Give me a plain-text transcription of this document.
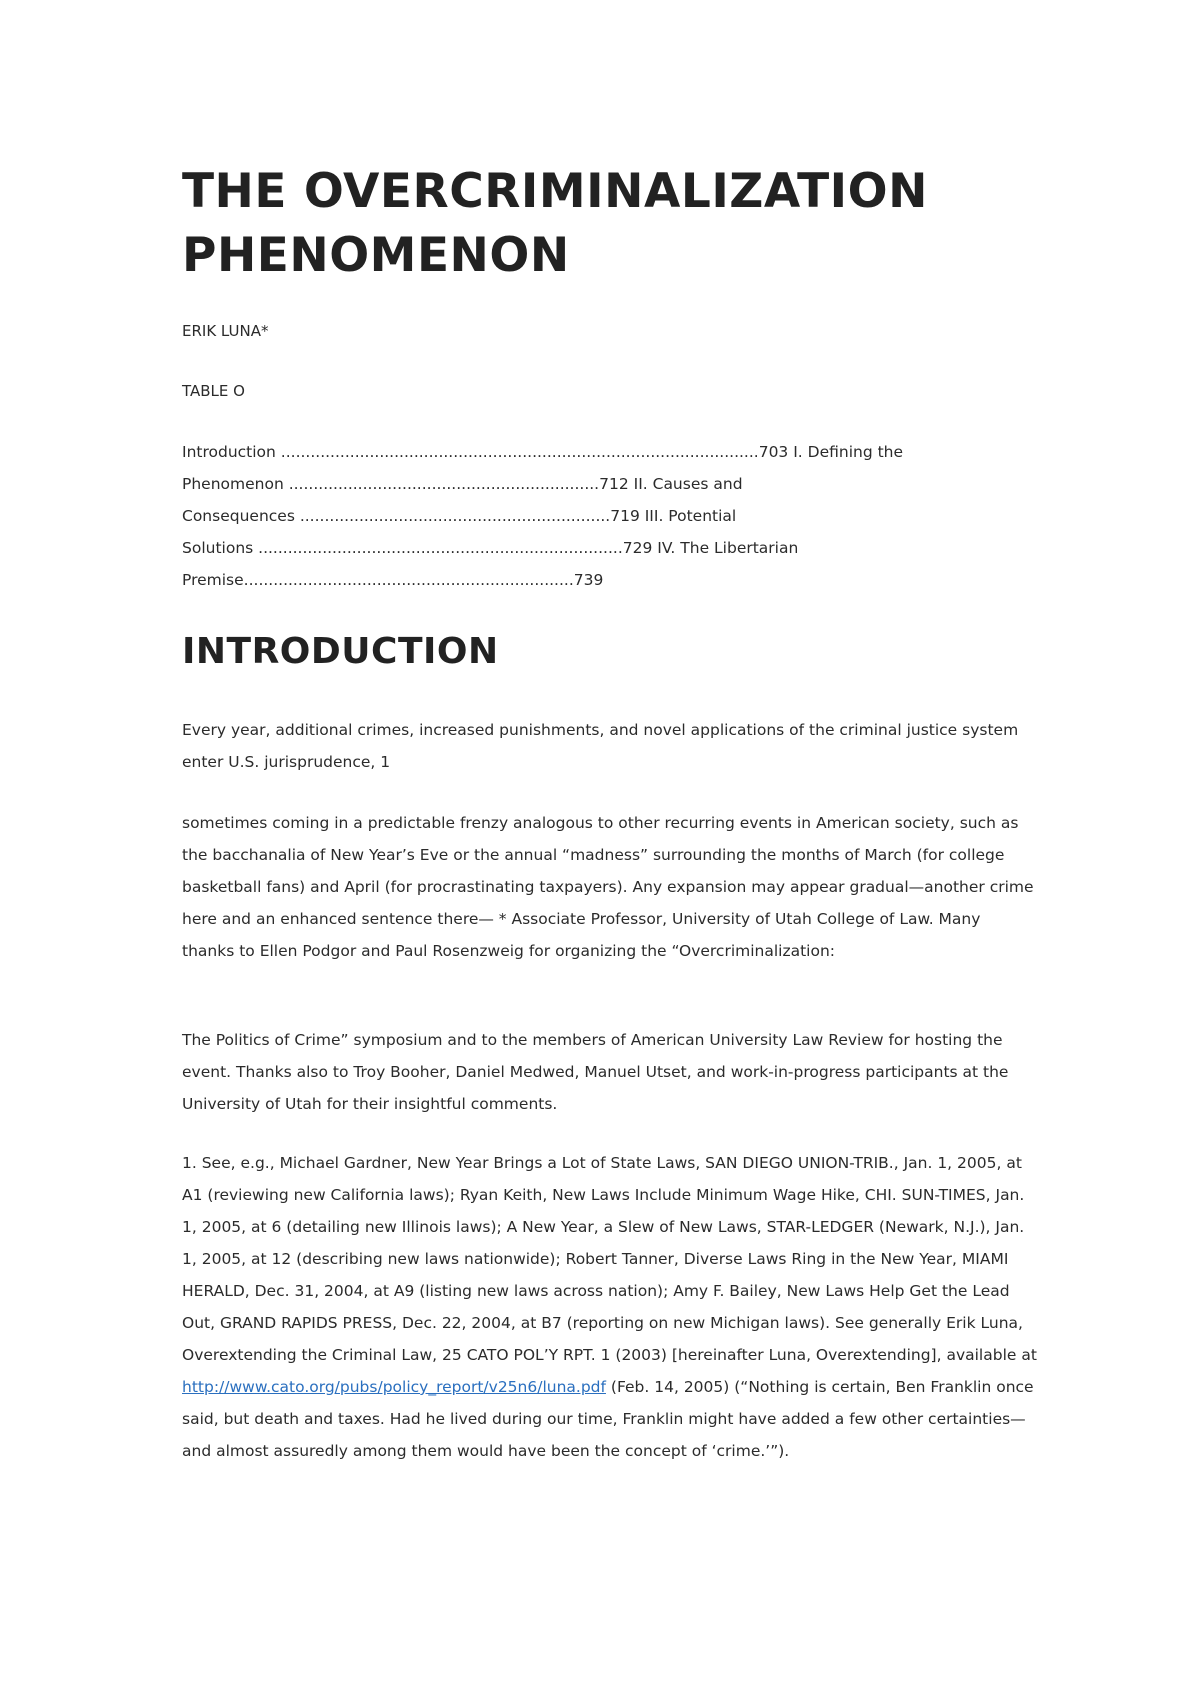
THE OVERCRIMINALIZATION PHENOMENON

ERIK LUNA*

TABLE O

Introduction .................................................................................................703 I. Defining the
Phenomenon ...............................................................712 II. Causes and
Consequences ...............................................................719 III. Potential
Solutions ..........................................................................729 IV. The Libertarian
Premise...................................................................739
INTRODUCTION

Every year, additional crimes, increased punishments, and novel applications of the criminal justice system enter U.S. jurisprudence, 1

sometimes coming in a predictable frenzy analogous to other recurring events in American society, such as the bacchanalia of New Year’s Eve or the annual “madness” surrounding the months of March (for college basketball fans) and April (for procrastinating taxpayers). Any expansion may appear gradual—another crime here and an enhanced sentence there— * Associate Professor, University of Utah College of Law. Many thanks to Ellen Podgor and Paul Rosenzweig for organizing the “Overcriminalization:

The Politics of Crime” symposium and to the members of American University Law Review for hosting the event. Thanks also to Troy Booher, Daniel Medwed, Manuel Utset, and work-in-progress participants at the University of Utah for their insightful comments.

1. See, e.g., Michael Gardner, New Year Brings a Lot of State Laws, SAN DIEGO UNION-TRIB., Jan. 1, 2005, at A1 (reviewing new California laws); Ryan Keith, New Laws Include Minimum Wage Hike, CHI. SUN-TIMES, Jan. 1, 2005, at 6 (detailing new Illinois laws); A New Year, a Slew of New Laws, STAR-LEDGER (Newark, N.J.), Jan. 1, 2005, at 12 (describing new laws nationwide); Robert Tanner, Diverse Laws Ring in the New Year, MIAMI HERALD, Dec. 31, 2004, at A9 (listing new laws across nation); Amy F. Bailey, New Laws Help Get the Lead Out, GRAND RAPIDS PRESS, Dec. 22, 2004, at B7 (reporting on new Michigan laws). See generally Erik Luna, Overextending the Criminal Law, 25 CATO POL’Y RPT. 1 (2003) [hereinafter Luna, Overextending], available at http://www.cato.org/pubs/policy_report/v25n6/luna.pdf (Feb. 14, 2005) (“Nothing is certain, Ben Franklin once said, but death and taxes. Had he lived during our time, Franklin might have added a few other certainties—and almost assuredly among them would have been the concept of ‘crime.’”).
